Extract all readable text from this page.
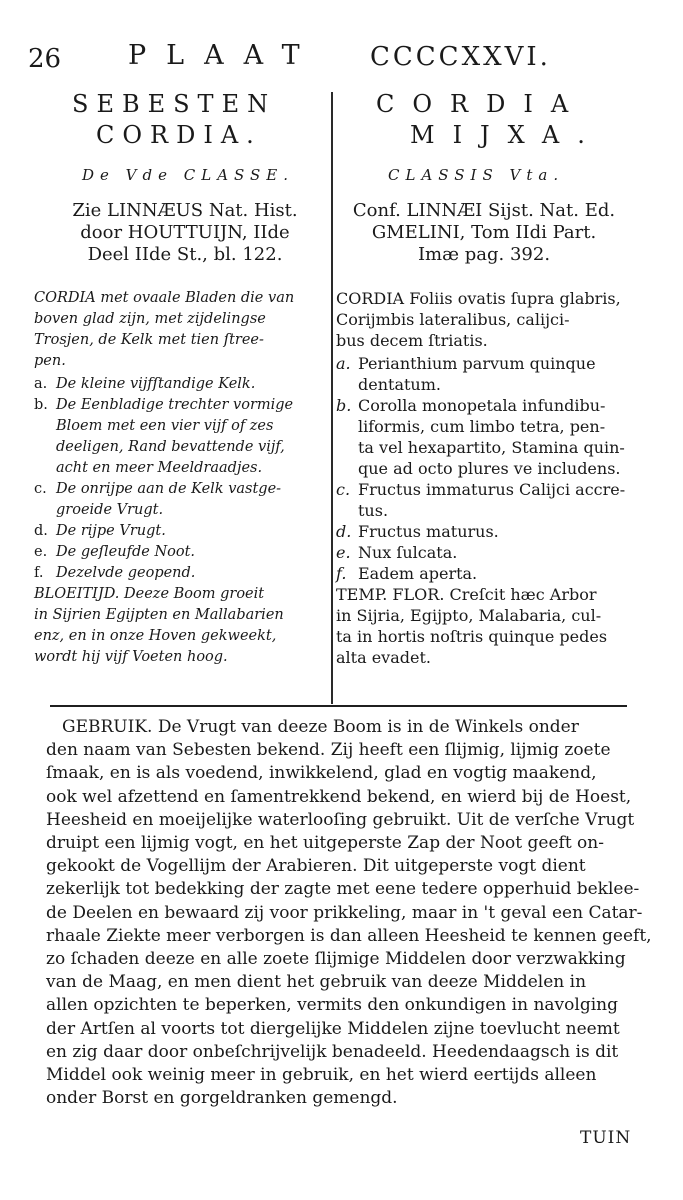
26 PLAAT CCCCXXVI.
SEBESTEN
CORDIA.
De Vde CLASSE.
Zie LINNÆUS Nat. Hist.
door HOUTTUIJN, IIde
Deel IIde St., bl. 122.
CORDIA
MIJXA.
CLASSIS Vta.
Conf. LINNÆI Sijst. Nat. Ed.
GMELINI, Tom IIdi Part.
Imæ pag. 392.
CORDIA met ovaale Bladen die van
boven glad zijn, met zijdelingse
Trosjen, de Kelk met tien ſtree-
pen.
a. De kleine vijfſtandige Kelk.
b. De Eenbladige trechter vormige
Bloem met een vier vijf of zes
deeligen, Rand bevattende vijf,
acht en meer Meeldraadjes.
c. De onrijpe aan de Kelk vastge-
groeide Vrugt.
d. De rijpe Vrugt.
e. De geſleufde Noot.
f. Dezelvde geopend.
BLOEITIJD. Deeze Boom groeit
in Sijrien Egijpten en Mallabarien
enz, en in onze Hoven gekweekt,
wordt hij vijf Voeten hoog.
CORDIA Foliis ovatis ſupra glabris,
Corijmbis lateralibus, calijci-
bus decem ſtriatis.
a. Perianthium parvum quinque
dentatum.
b. Corolla monopetala infundibu-
liformis, cum limbo tetra, pen-
ta vel hexapartito, Stamina quin-
que ad octo plures ve includens.
c. Fructus immaturus Calijci accre-
tus.
d. Fructus maturus.
e. Nux ſulcata.
f. Eadem aperta.
TEMP. FLOR. Creſcit hæc Arbor
in Sijria, Egijpto, Malabaria, cul-
ta in hortis noſtris quinque pedes
alta evadet.
GEBRUIK. De Vrugt van deeze Boom is in de Winkels onder
den naam van Sebesten bekend. Zij heeft een ſlijmig, lijmig zoete
ſmaak, en is als voedend, inwikkelend, glad en vogtig maakend,
ook wel afzettend en ſamentrekkend bekend, en wierd bij de Hoest,
Heesheid en moeijelijke waterlooſing gebruikt. Uit de verſche Vrugt
druipt een lijmig vogt, en het uitgeperste Zap der Noot geeft on-
gekookt de Vogellijm der Arabieren. Dit uitgeperste vogt dient
zekerlijk tot bedekking der zagte met eene tedere opperhuid beklee-
de Deelen en bewaard zij voor prikkeling, maar in 't geval een Catar-
rhaale Ziekte meer verborgen is dan alleen Heesheid te kennen geeft,
zo ſchaden deeze en alle zoete ſlijmige Middelen door verzwakking
van de Maag, en men dient het gebruik van deeze Middelen in
allen opzichten te beperken, vermits den onkundigen in navolging
der Artſen al voorts tot diergelijke Middelen zijne toevlucht neemt
en zig daar door onbeſchrijvelijk benadeeld. Heedendaagsch is dit
Middel ook weinig meer in gebruik, en het wierd eertijds alleen
onder Borst en gorgeldranken gemengd.
TUIN
